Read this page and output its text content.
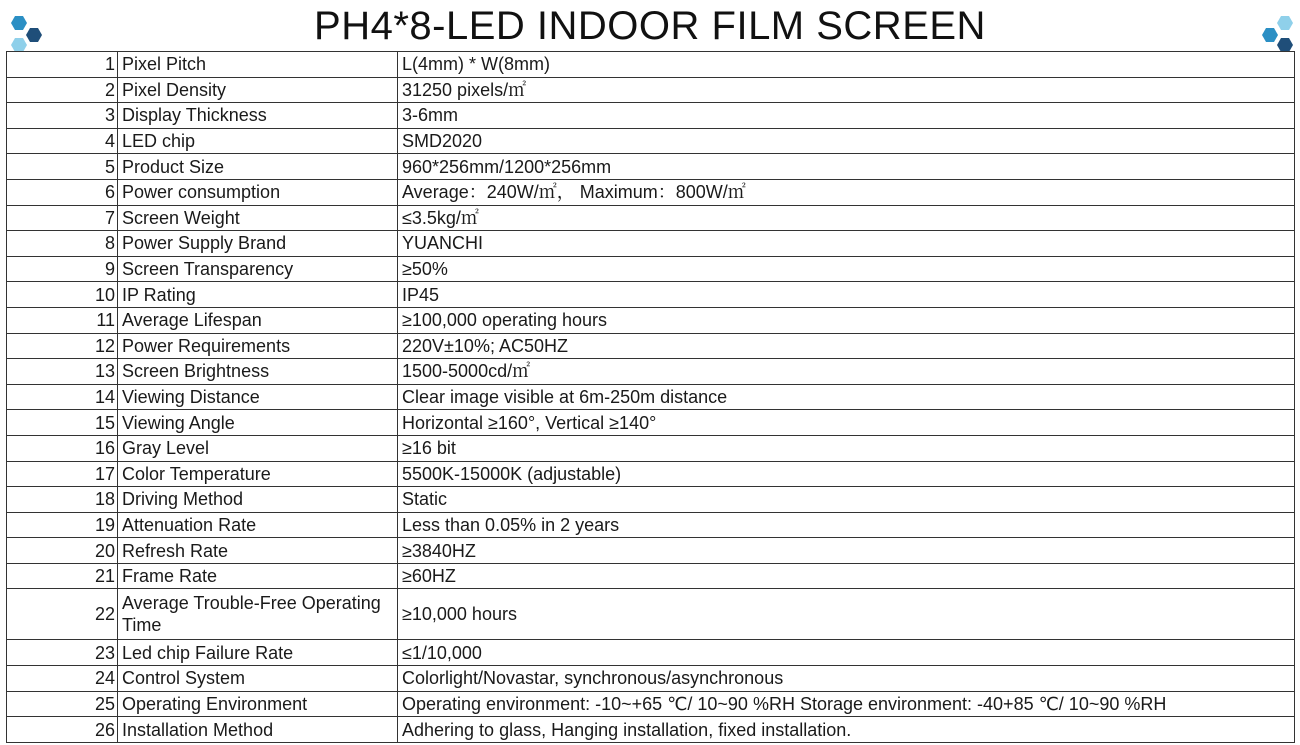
PH4*8-LED INDOOR FILM SCREEN
1	Pixel Pitch	L(4mm) * W(8mm)
2	Pixel Density	31250 pixels/㎡
3	Display Thickness	3-6mm
4	LED chip	SMD2020
5	Product Size	960*256mm/1200*256mm
6	Power consumption	Average：240W/㎡， Maximum：800W/㎡
7	Screen Weight	≤3.5kg/㎡
8	Power Supply Brand	YUANCHI
9	Screen Transparency	≥50%
10	IP Rating	IP45
11	Average Lifespan	≥100,000 operating hours
12	Power Requirements	220V±10%; AC50HZ
13	Screen Brightness	1500-5000cd/㎡
14	Viewing Distance	Clear image visible at 6m-250m distance
15	Viewing Angle	Horizontal ≥160°, Vertical ≥140°
16	Gray Level	≥16 bit
17	Color Temperature	5500K-15000K (adjustable)
18	Driving Method	Static
19	Attenuation Rate	Less than 0.05% in 2 years
20	Refresh Rate	≥3840HZ
21	Frame Rate	≥60HZ
22	Average Trouble-Free Operating Time	≥10,000 hours
23	Led chip Failure Rate	≤1/10,000
24	Control System	Colorlight/Novastar, synchronous/asynchronous
25	Operating Environment	Operating environment: -10~+65 ℃/ 10~90 %RH Storage environment: -40+85 ℃/ 10~90 %RH
26	Installation Method	Adhering to glass, Hanging installation, fixed installation.
